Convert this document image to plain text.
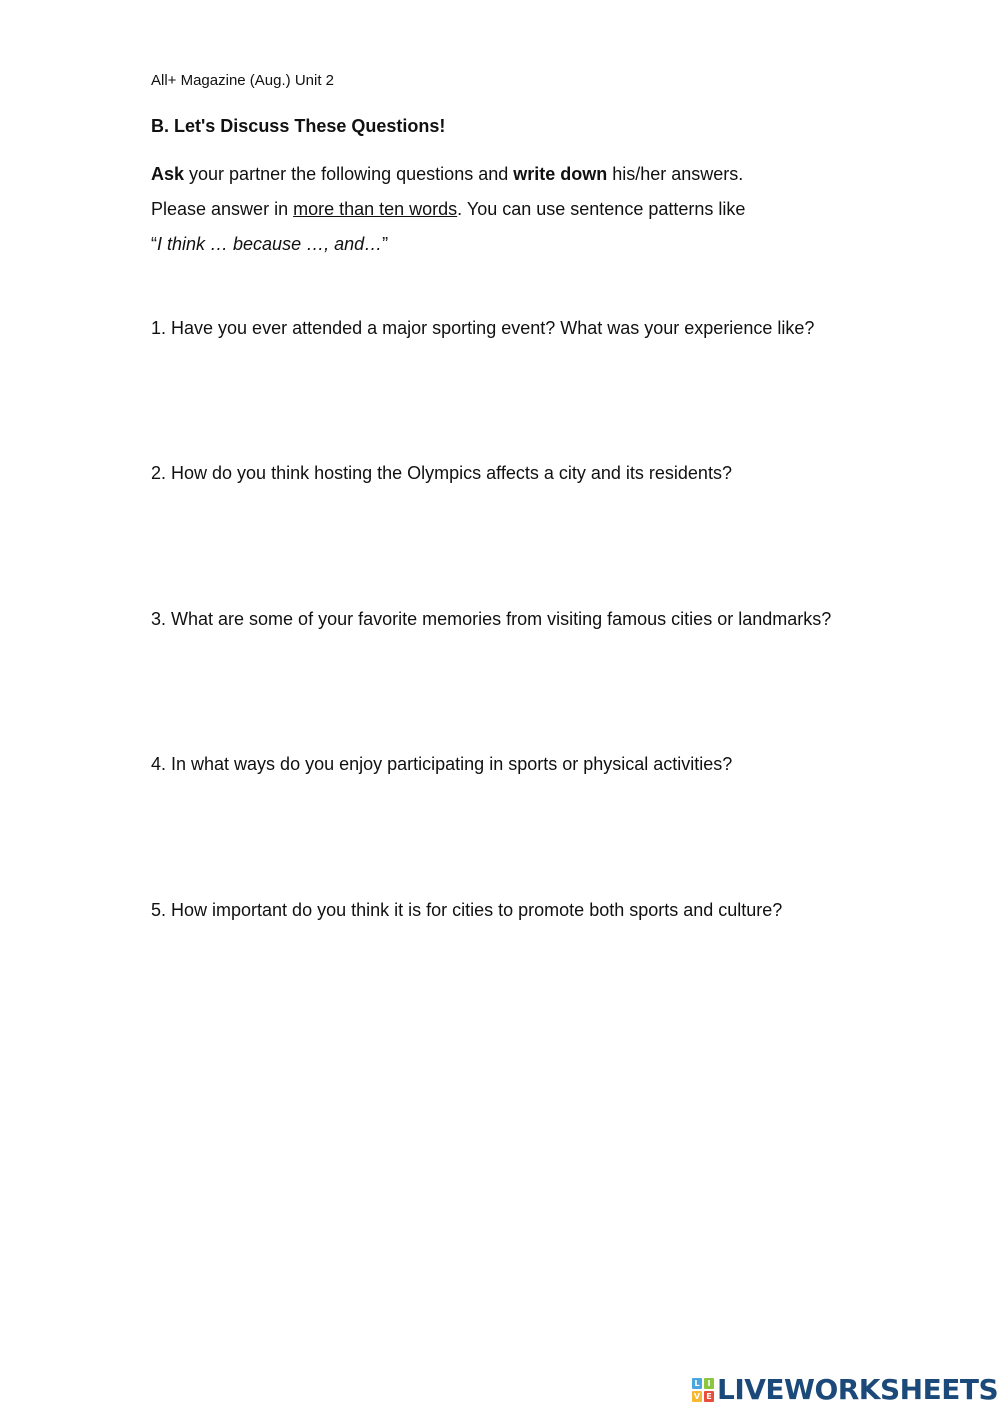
All+ Magazine (Aug.) Unit 2
B. Let's Discuss These Questions!
Ask your partner the following questions and write down his/her answers.
Please answer in more than ten words. You can use sentence patterns like
“I think … because …, and…”
1. Have you ever attended a major sporting event? What was your experience like?
2. How do you think hosting the Olympics affects a city and its residents?
3. What are some of your favorite memories from visiting famous cities or landmarks?
4. In what ways do you enjoy participating in sports or physical activities?
5. How important do you think it is for cities to promote both sports and culture?
L I
V E LIVEWORKSHEETS
